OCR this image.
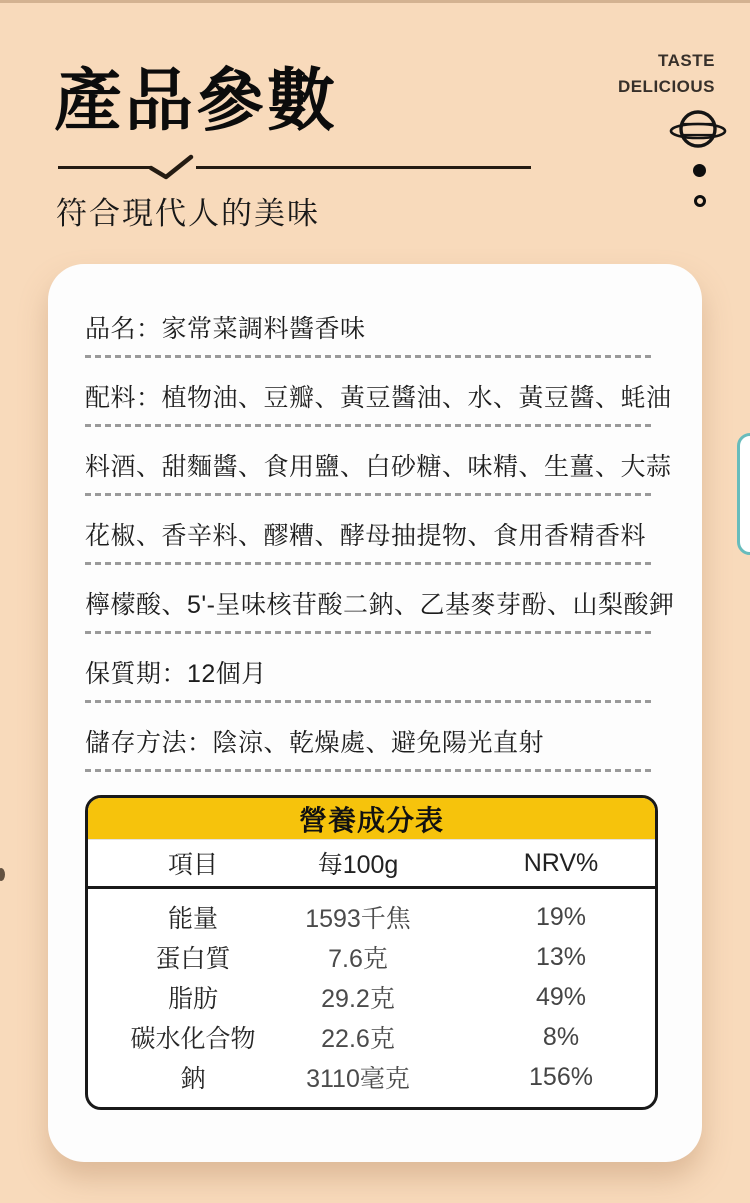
產品參數
符合現代人的美味
TASTE
DELICIOUS
品名：家常菜調料醬香味
配料：植物油、豆瓣、黃豆醬油、水、黃豆醬、蚝油
料酒、甜麵醬、食用鹽、白砂糖、味精、生薑、大蒜
花椒、香辛料、醪糟、酵母抽提物、食用香精香料
檸檬酸、5'-呈味核苷酸二鈉、乙基麥芽酚、山梨酸鉀
保質期：12個月
儲存方法：陰涼、乾燥處、避免陽光直射
營養成分表
項目	每100g	NRV%
能量	1593千焦	19%
蛋白質	7.6克	13%
脂肪	29.2克	49%
碳水化合物	22.6克	8%
鈉	3110毫克	156%
